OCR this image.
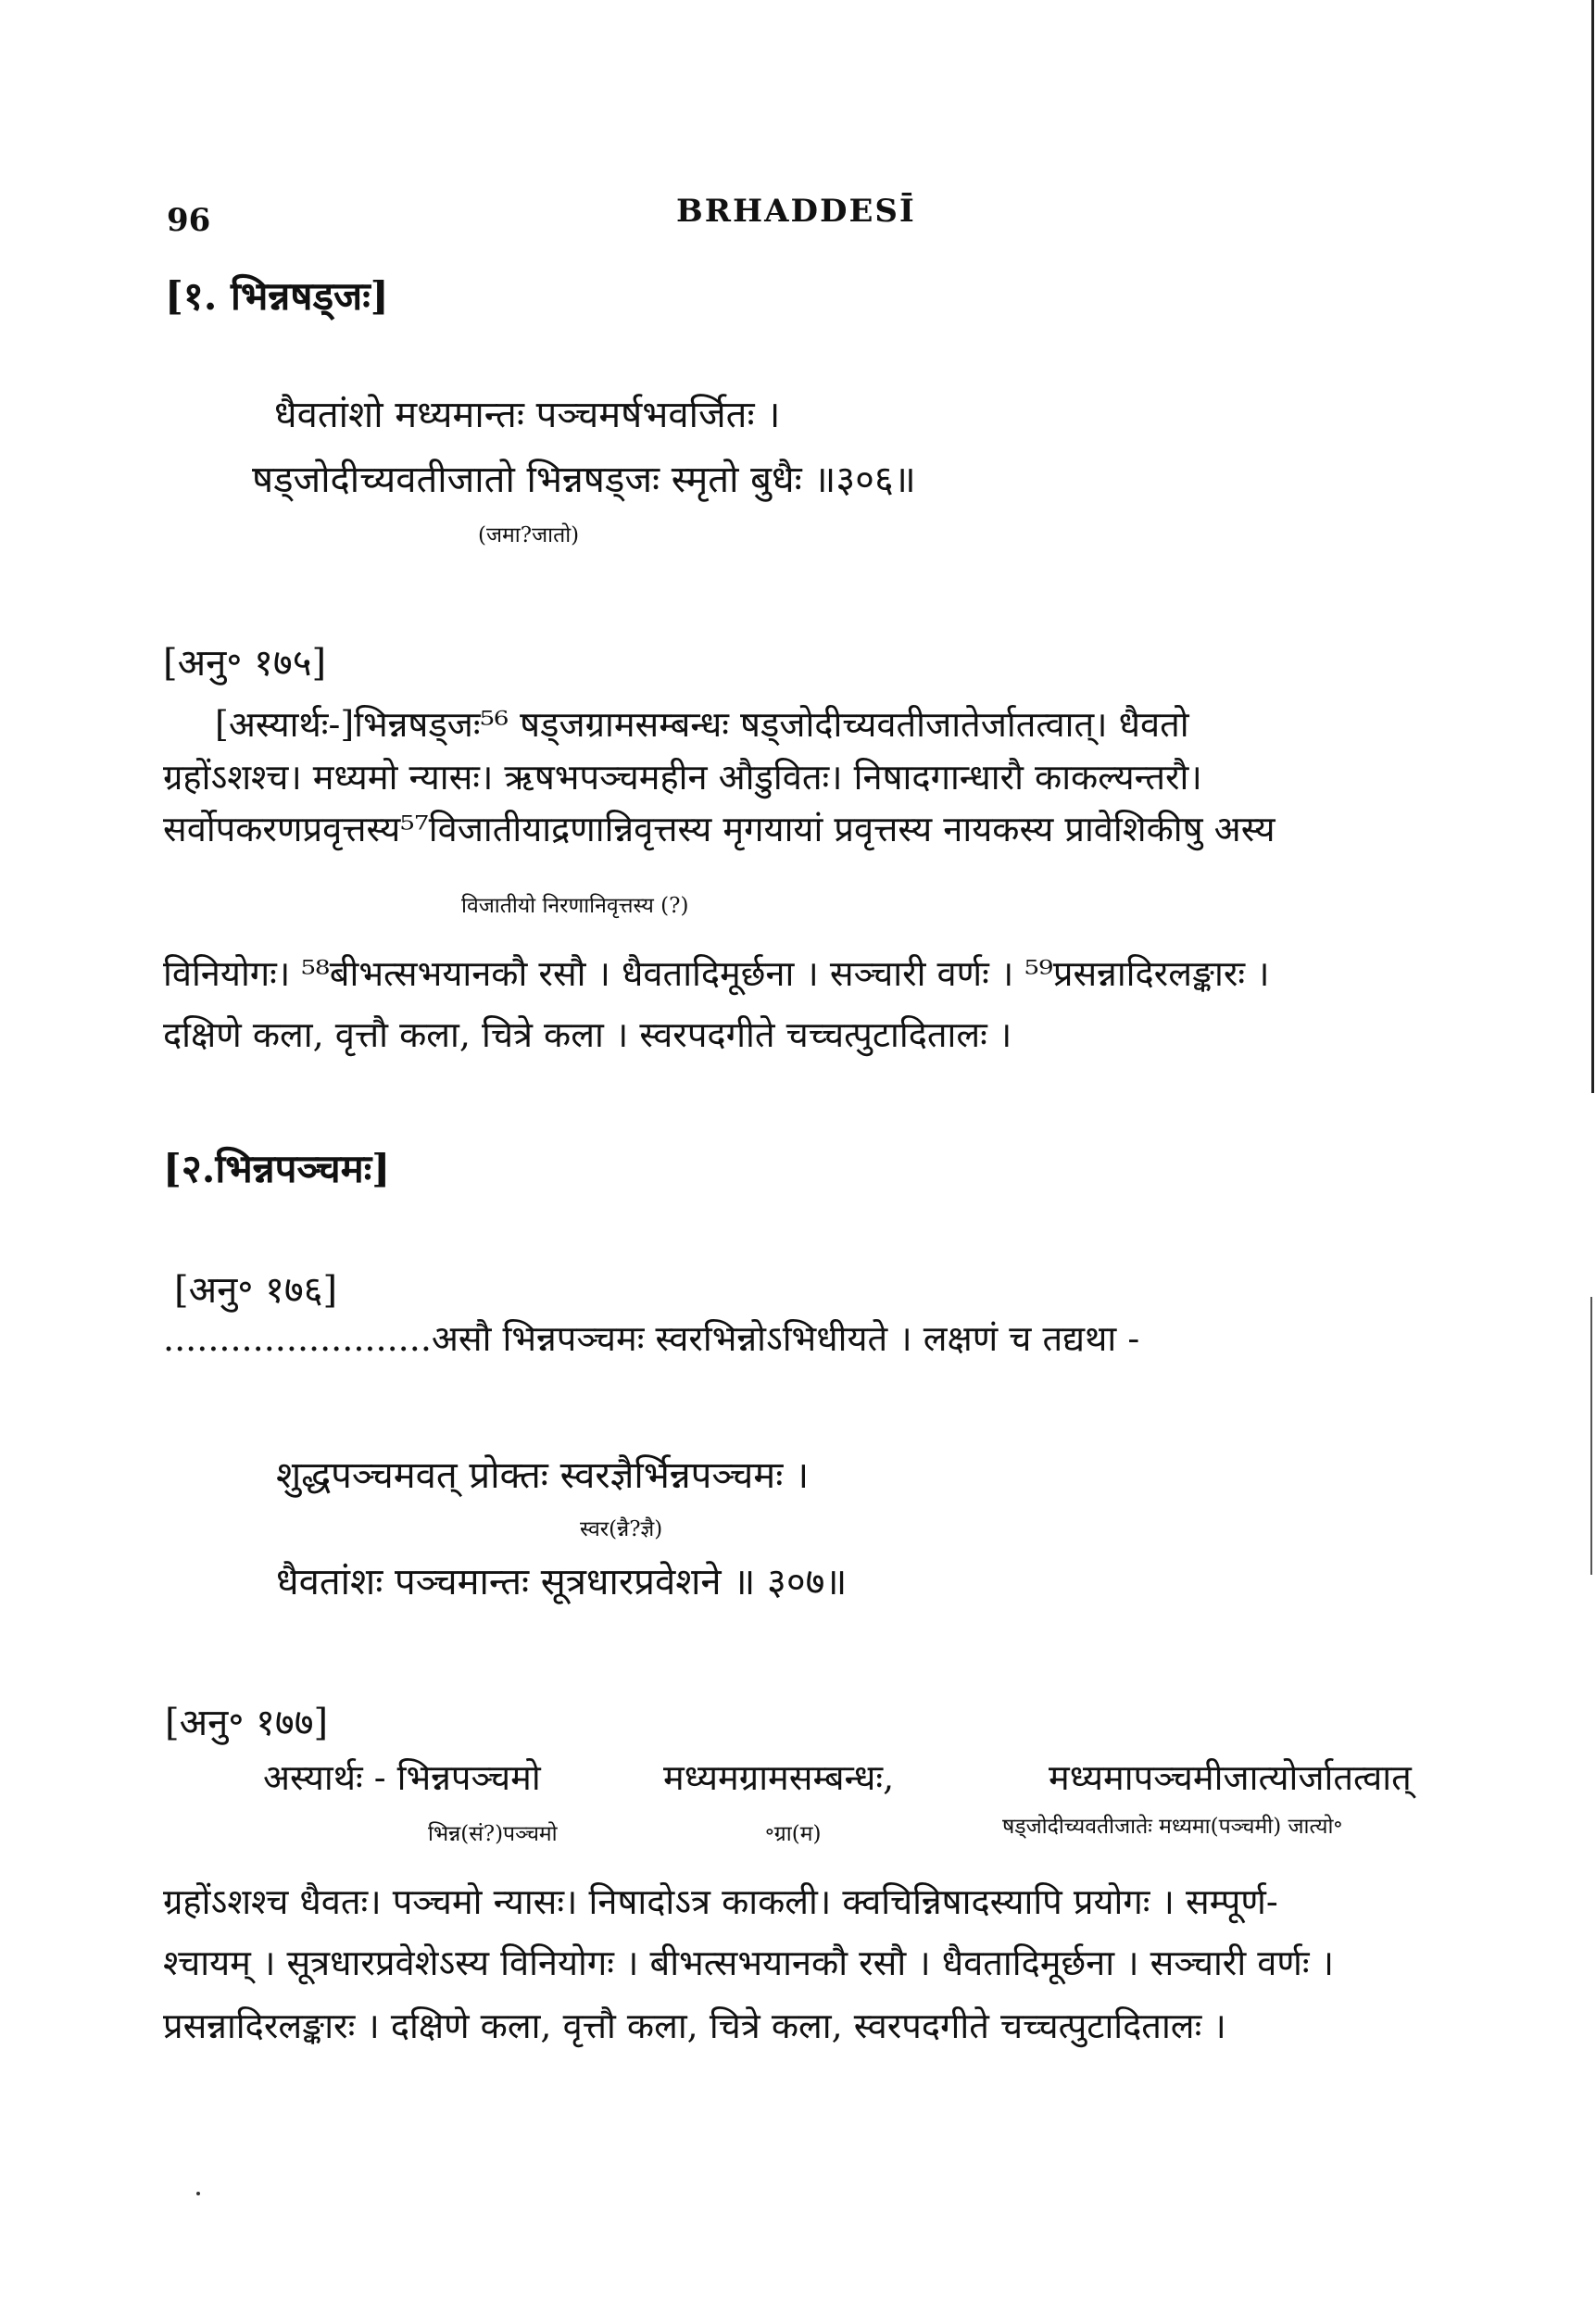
96	BRHADDESĪ
[१. भिन्नषड्जः]
धैवतांशो मध्यमान्तः पञ्चमर्षभवर्जितः ।
षड्जोदीच्यवतीजातो भिन्नषड्जः स्मृतो बुधैः ॥३०६॥
(जमा?जातो)
[अनु॰ १७५]
[अस्यार्थः-]भिन्नषड्जः⁵⁶ षड्जग्रामसम्बन्धः षड्जोदीच्यवतीजातेर्जातत्वात्। धैवतो
ग्रहोंऽशश्च। मध्यमो न्यासः। ऋषभपञ्चमहीन औडुवितः। निषादगान्धारौ काकल्यन्तरौ।
सर्वोपकरणप्रवृत्तस्य⁵⁷विजातीयाद्रणान्निवृत्तस्य मृगयायां प्रवृत्तस्य नायकस्य प्रावेशिकीषु अस्य
विजातीयो निरणानिवृत्तस्य (?)
विनियोगः। ⁵⁸बीभत्सभयानकौ रसौ । धैवतादिमूर्छना । सञ्चारी वर्णः । ⁵⁹प्रसन्नादिरलङ्कारः ।
दक्षिणे कला, वृत्तौ कला, चित्रे कला । स्वरपदगीते चच्चत्पुटादितालः ।
[२.भिन्नपञ्चमः]
[अनु॰ १७६]
........................असौ भिन्नपञ्चमः स्वरभिन्नोऽभिधीयते । लक्षणं च तद्यथा -
शुद्धपञ्चमवत् प्रोक्तः स्वरज्ञैर्भिन्नपञ्चमः ।
स्वर(न्नै?ज्ञै)
धैवतांशः पञ्चमान्तः सूत्रधारप्रवेशने ॥ ३०७॥
[अनु॰ १७७]
अस्यार्थः - भिन्नपञ्चमो	मध्यमग्रामसम्बन्धः,	मध्यमापञ्चमीजात्योर्जातत्वात्
भिन्न(सं?)पञ्चमो	॰ग्रा(म)	षड्जोदीच्यवतीजातेः मध्यमा(पञ्चमी) जात्यो॰
ग्रहोंऽशश्च धैवतः। पञ्चमो न्यासः। निषादोऽत्र काकली। क्वचिन्निषादस्यापि प्रयोगः । सम्पूर्ण-
श्चायम् । सूत्रधारप्रवेशेऽस्य विनियोगः । बीभत्सभयानकौ रसौ । धैवतादिमूर्छना । सञ्चारी वर्णः ।
प्रसन्नादिरलङ्कारः । दक्षिणे कला, वृत्तौ कला, चित्रे कला, स्वरपदगीते चच्चत्पुटादितालः ।
